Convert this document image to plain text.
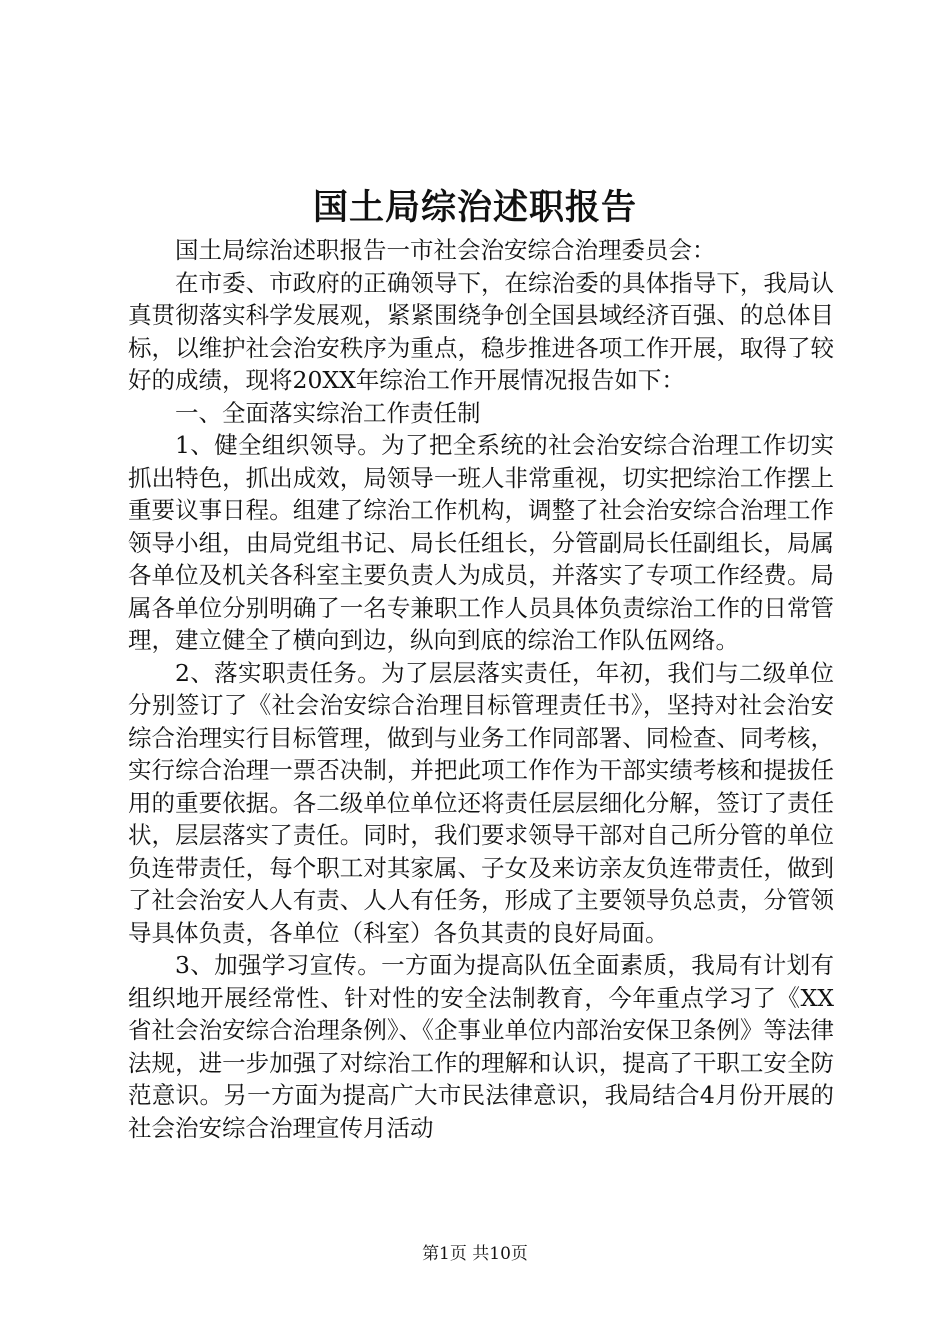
国土局综治述职报告

国土局综治述职报告一市社会治安综合治理委员会：

在市委、市政府的正确领导下，在综治委的具体指导下，我局认真贯彻落实科学发展观，紧紧围绕争创全国县域经济百强、的总体目标，以维护社会治安秩序为重点，稳步推进各项工作开展，取得了较好的成绩，现将20XX年综治工作开展情况报告如下：

一、全面落实综治工作责任制

1、健全组织领导。为了把全系统的社会治安综合治理工作切实抓出特色，抓出成效，局领导一班人非常重视，切实把综治工作摆上重要议事日程。组建了综治工作机构，调整了社会治安综合治理工作领导小组，由局党组书记、局长任组长，分管副局长任副组长，局属各单位及机关各科室主要负责人为成员，并落实了专项工作经费。局属各单位分别明确了一名专兼职工作人员具体负责综治工作的日常管理，建立健全了横向到边，纵向到底的综治工作队伍网络。

2、落实职责任务。为了层层落实责任，年初，我们与二级单位分别签订了《社会治安综合治理目标管理责任书》，坚持对社会治安综合治理实行目标管理，做到与业务工作同部署、同检查、同考核，实行综合治理一票否决制，并把此项工作作为干部实绩考核和提拔任用的重要依据。各二级单位单位还将责任层层细化分解，签订了责任状，层层落实了责任。同时，我们要求领导干部对自己所分管的单位负连带责任，每个职工对其家属、子女及来访亲友负连带责任，做到了社会治安人人有责、人人有任务，形成了主要领导负总责，分管领导具体负责，各单位（科室）各负其责的良好局面。

3、加强学习宣传。一方面为提高队伍全面素质，我局有计划有组织地开展经常性、针对性的安全法制教育，今年重点学习了《XX省社会治安综合治理条例》、《企事业单位内部治安保卫条例》等法律法规，进一步加强了对综治工作的理解和认识，提高了干职工安全防范意识。另一方面为提高广大市民法律意识，我局结合4月份开展的社会治安综合治理宣传月活动

第1页 共10页
